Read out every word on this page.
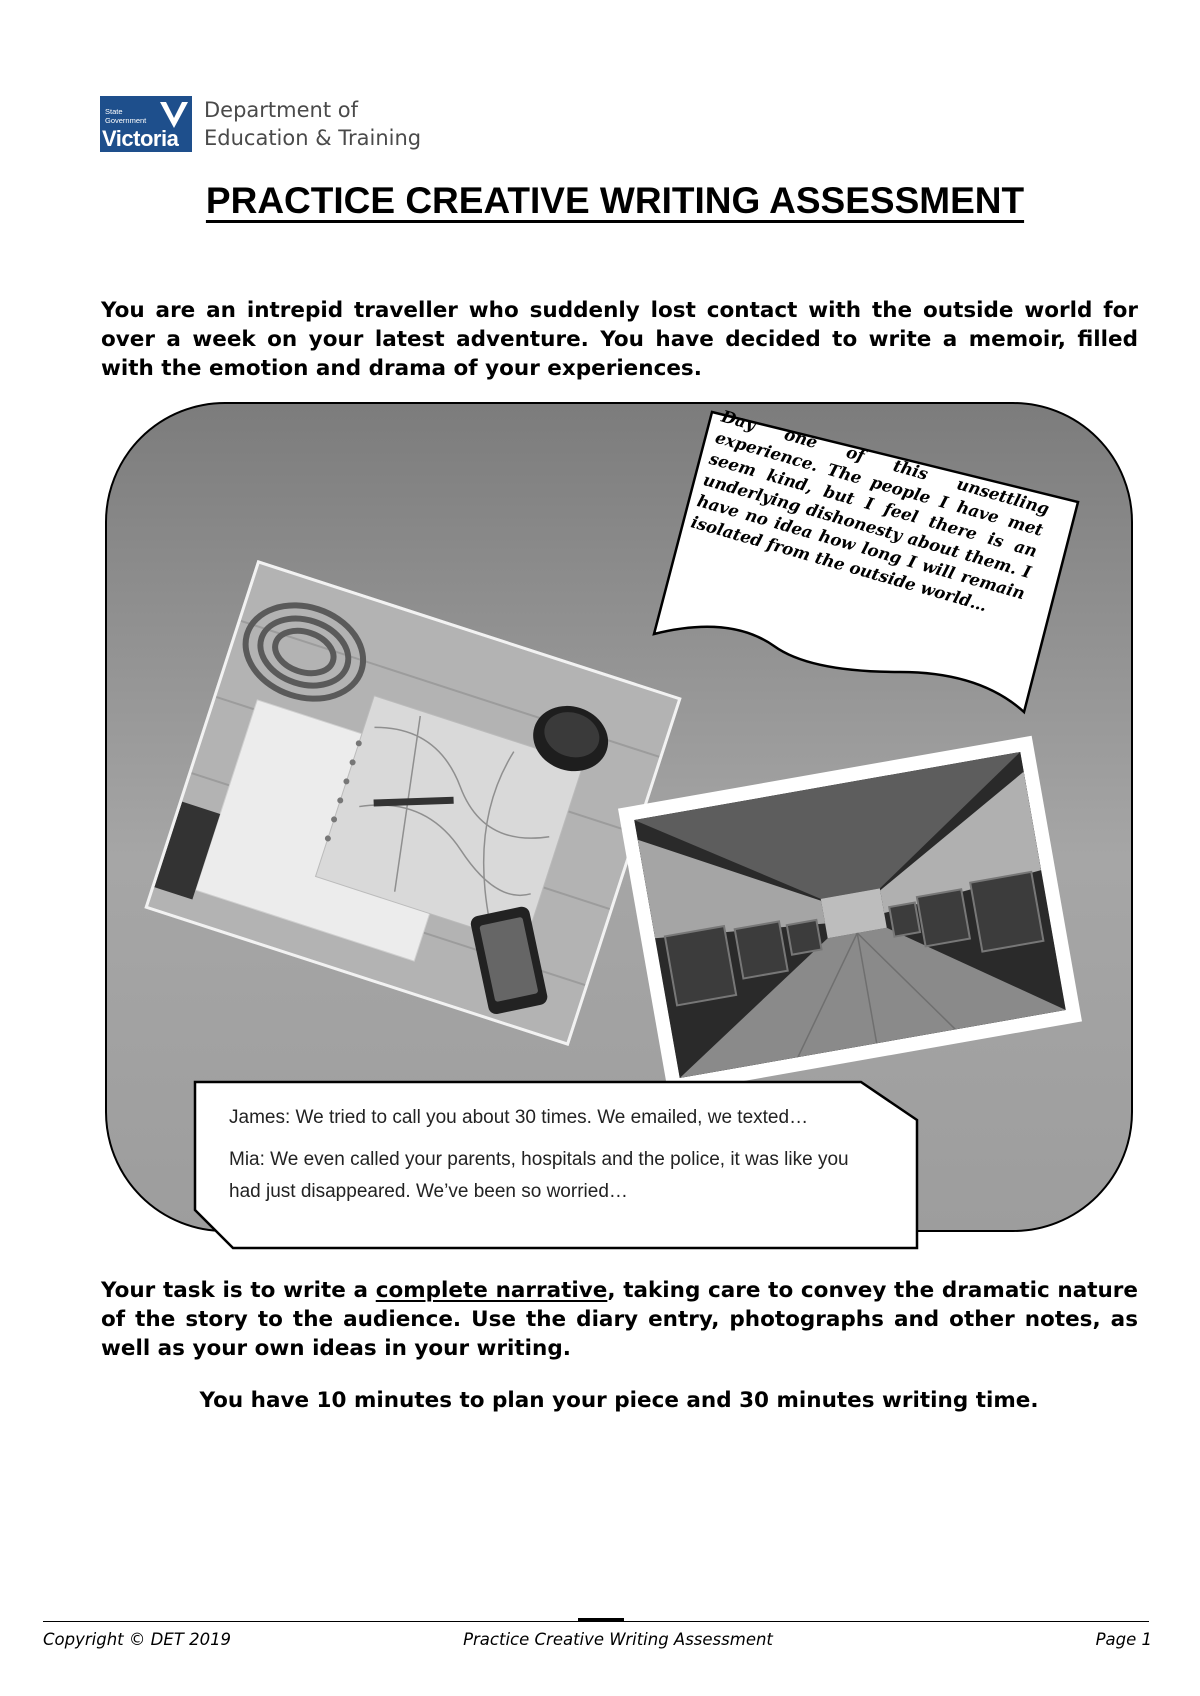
State
Government
Victoria
Department of
Education & Training
PRACTICE CREATIVE WRITING ASSESSMENT
You are an intrepid traveller who suddenly lost contact with the outside world for over a week on your latest adventure. You have decided to write a memoir, filled with the emotion and drama of your experiences.
Day one of this unsettling experience. The people I have met seem kind, but I feel there is an underlying dishonesty about them. I have no idea how long I will remain isolated from the outside world…

James: We tried to call you about 30 times. We emailed, we texted…

Mia: We even called your parents, hospitals and the police, it was like you had just disappeared. We’ve been so worried…

Your task is to write a complete narrative, taking care to convey the dramatic nature of the story to the audience. Use the diary entry, photographs and other notes, as well as your own ideas in your writing.
You have 10 minutes to plan your piece and 30 minutes writing time.
Copyright © DET 2019	Practice Creative Writing Assessment	Page 1
